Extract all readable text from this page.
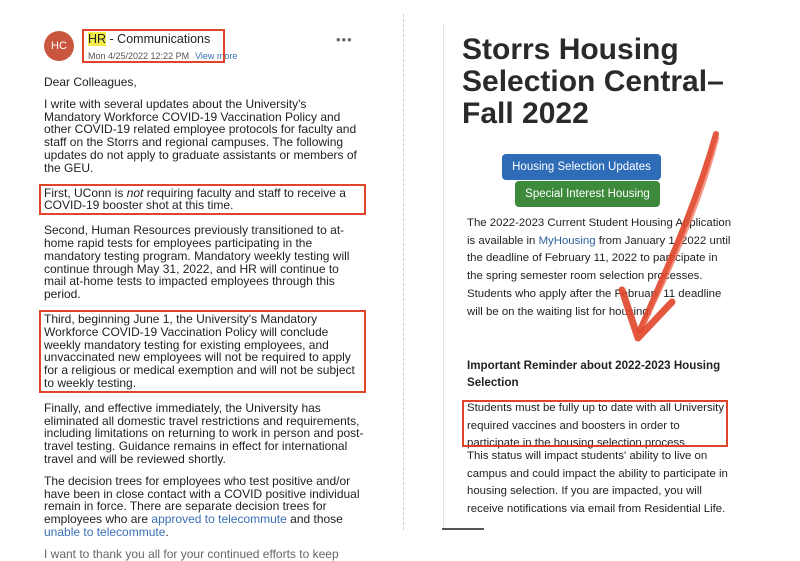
HC	HR - Communications
Mon 4/25/2022 12:22 PM View more
•••

Dear Colleagues,

I write with several updates about the University's Mandatory Workforce COVID-19 Vaccination Policy and other COVID-19 related employee protocols for faculty and staff on the Storrs and regional campuses. The following updates do not apply to graduate assistants or members of the GEU.

First, UConn is not requiring faculty and staff to receive a COVID-19 booster shot at this time.

Second, Human Resources previously transitioned to at-home rapid tests for employees participating in the mandatory testing program. Mandatory weekly testing will continue through May 31, 2022, and HR will continue to mail at-home tests to impacted employees through this period.

Third, beginning June 1, the University's Mandatory Workforce COVID-19 Vaccination Policy will conclude weekly mandatory testing for existing employees, and unvaccinated new employees will not be required to apply for a religious or medical exemption and will not be subject to weekly testing.

Finally, and effective immediately, the University has eliminated all domestic travel restrictions and requirements, including limitations on returning to work in person and post-travel testing. Guidance remains in effect for international travel and will be reviewed shortly.

The decision trees for employees who test positive and/or have been in close contact with a COVID positive individual remain in force. There are separate decision trees for employees who are approved to telecommute and those unable to telecommute.

I want to thank you all for your continued efforts to keep
Storrs Housing Selection Central– Fall 2022
Housing Selection Updates
Special Interest Housing
The 2022-2023 Current Student Housing Application is available in MyHousing from January 1, 2022 until the deadline of February 11, 2022 to participate in the spring semester room selection processes. Students who apply after the February 11 deadline will be on the waiting list for housing.
Important Reminder about 2022-2023 Housing Selection
Students must be fully up to date with all University required vaccines and boosters in order to participate in the housing selection process.
This status will impact students' ability to live on campus and could impact the ability to participate in housing selection. If you are impacted, you will receive notifications via email from Residential Life.
